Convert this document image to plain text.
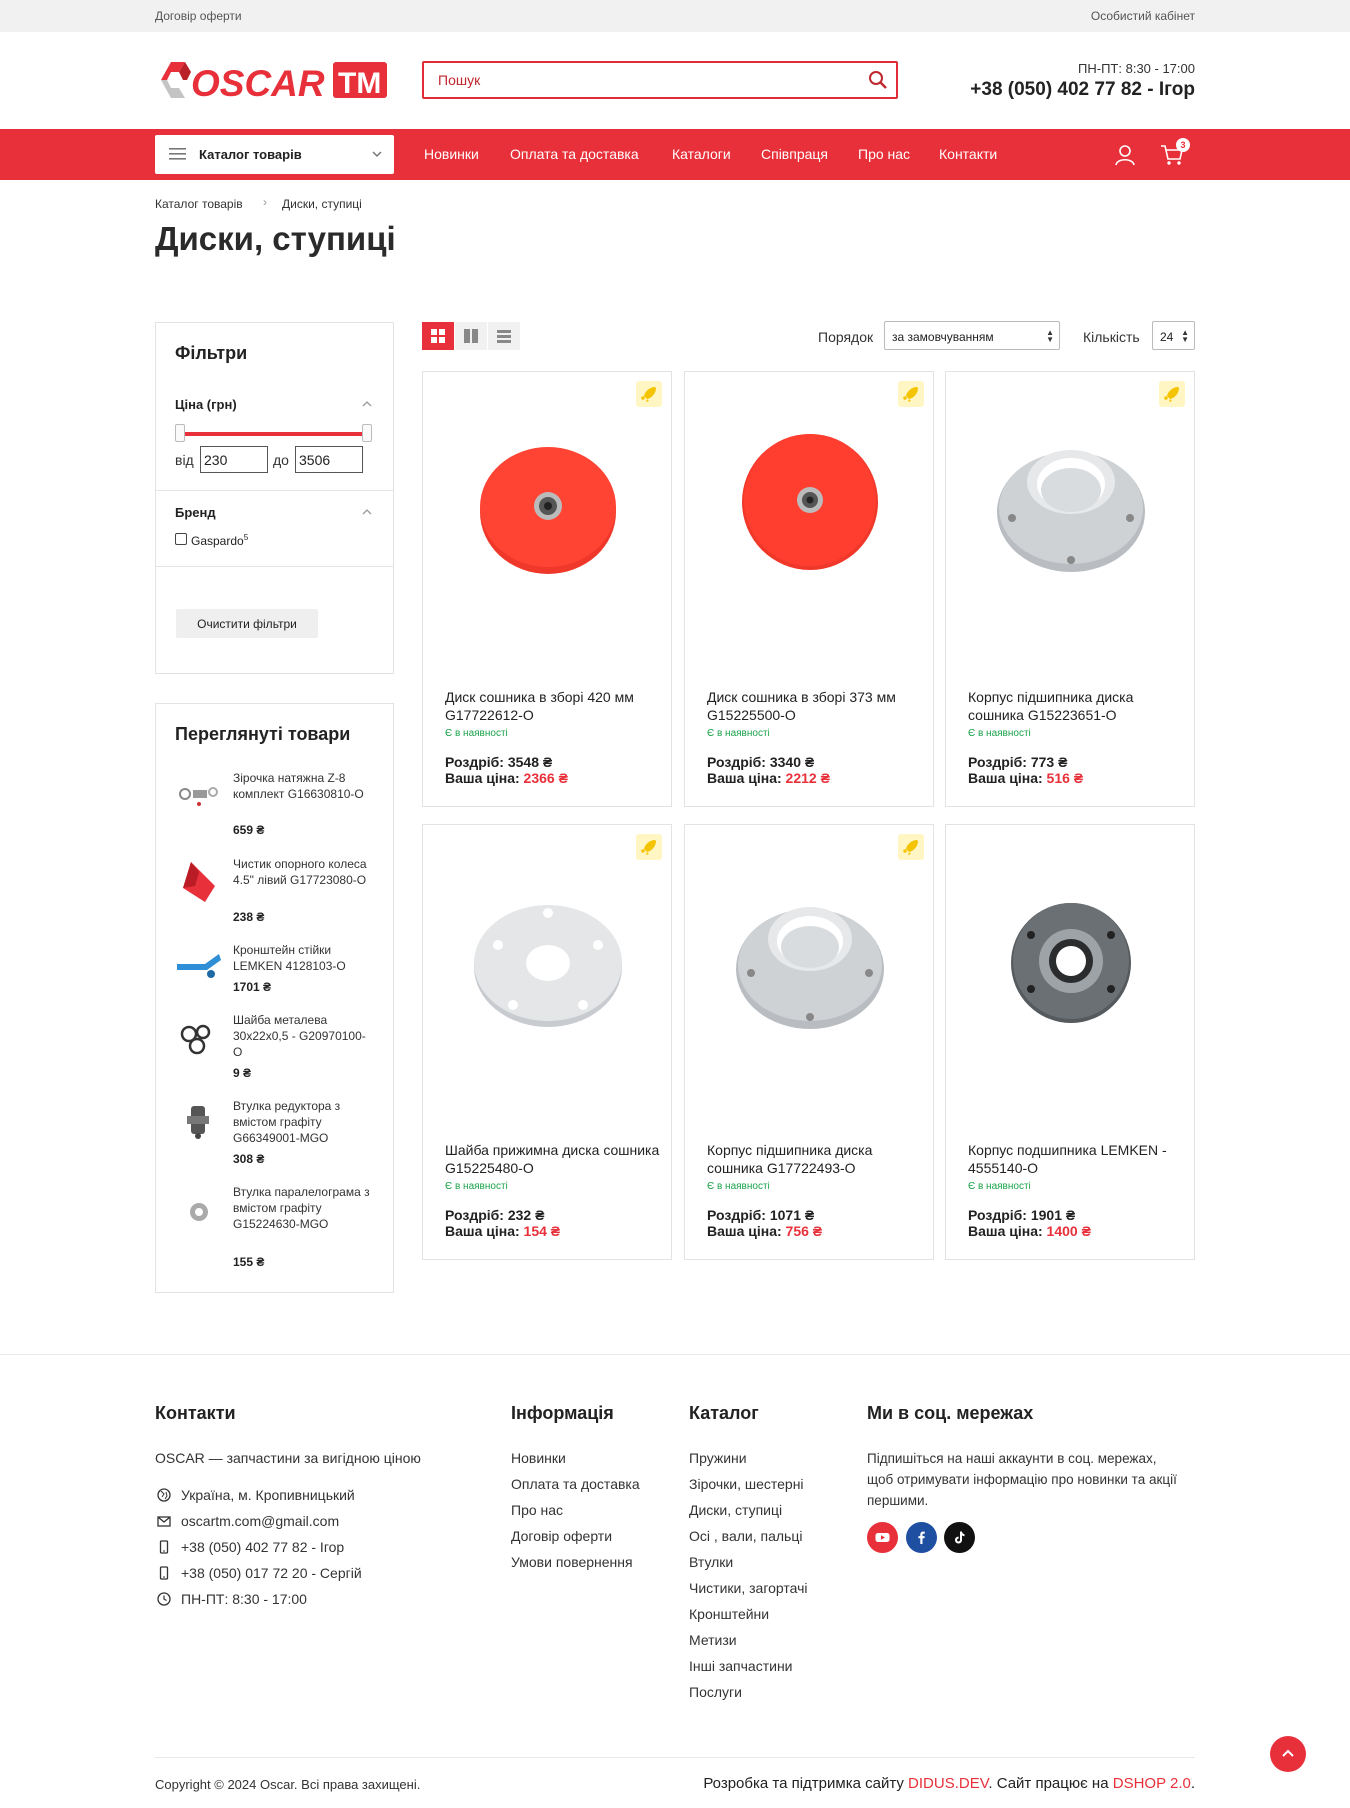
Договір оферти	Особистий кабінет
OSCAR TM
Пошук	ПН-ПТ: 8:30 - 17:00
+38 (050) 402 77 82 - Ігор
Каталог товарів	Новинки Оплата та доставка Каталоги Співпраця Про нас Контакти
3
Каталог товарів › Диски, ступиці
Диски, ступиці
Фільтри
Ціна (грн)
від
230	до
3506
Бренд
Gaspardo$^5$
Очистити фільтри
Переглянуті товари
Зірочка натяжна Z-8 комплект G16630810-O
659 ₴
Чистик опорного колеса 4.5" лівий G17723080-O
238 ₴
Кронштейн стійки LEMKEN 4128103-O
1701 ₴
Шайба металева 30x22x0,5 - G20970100-O
9 ₴
Втулка редуктора з вмістом графіту G66349001-MGO
308 ₴
Втулка паралелограма з вмістом графіту G15224630-MGO
155 ₴
Порядок за замовчуванням	▲
▼ Кількість 24 ▲
▼
Диск сошника в зборі 420 мм G17722612-O
Є в наявності
Роздріб: 3548 ₴
Ваша ціна: 2366 ₴
Диск сошника в зборі 373 мм G15225500-O
Є в наявності
Роздріб: 3340 ₴
Ваша ціна: 2212 ₴
Корпус підшипника диска сошника G15223651-O
Є в наявності
Роздріб: 773 ₴
Ваша ціна: 516 ₴
Шайба прижимна диска сошника G15225480-O
Є в наявності
Роздріб: 232 ₴
Ваша ціна: 154 ₴
Корпус підшипника диска сошника G17722493-O
Є в наявності
Роздріб: 1071 ₴
Ваша ціна: 756 ₴
Корпус подшипника LEMKEN - 4555140-O
Є в наявності
Роздріб: 1901 ₴
Ваша ціна: 1400 ₴
Контакти
OSCAR — запчастини за вигідною ціною
Україна, м. Кропивницький
oscartm.com@gmail.com
+38 (050) 402 77 82 - Ігор
+38 (050) 017 72 20 - Сергій
ПН-ПТ: 8:30 - 17:00
Інформація
Новинки
Оплата та доставка
Про нас
Договір оферти
Умови повернення
Каталог
Пружини
Зірочки, шестерні
Диски, ступиці
Осі , вали, пальці
Втулки
Чистики, загортачі
Кронштейни
Метизи
Інші запчастини
Послуги
Ми в соц. мережах
Підпишіться на наші аккаунти в соц. мережах, щоб отримувати інформацію про новинки та акції першими.
Copyright © 2024 Oscar. Всі права захищені.	Розробка та підтримка сайту DIDUS.DEV. Сайт працює на DSHOP 2.0.
